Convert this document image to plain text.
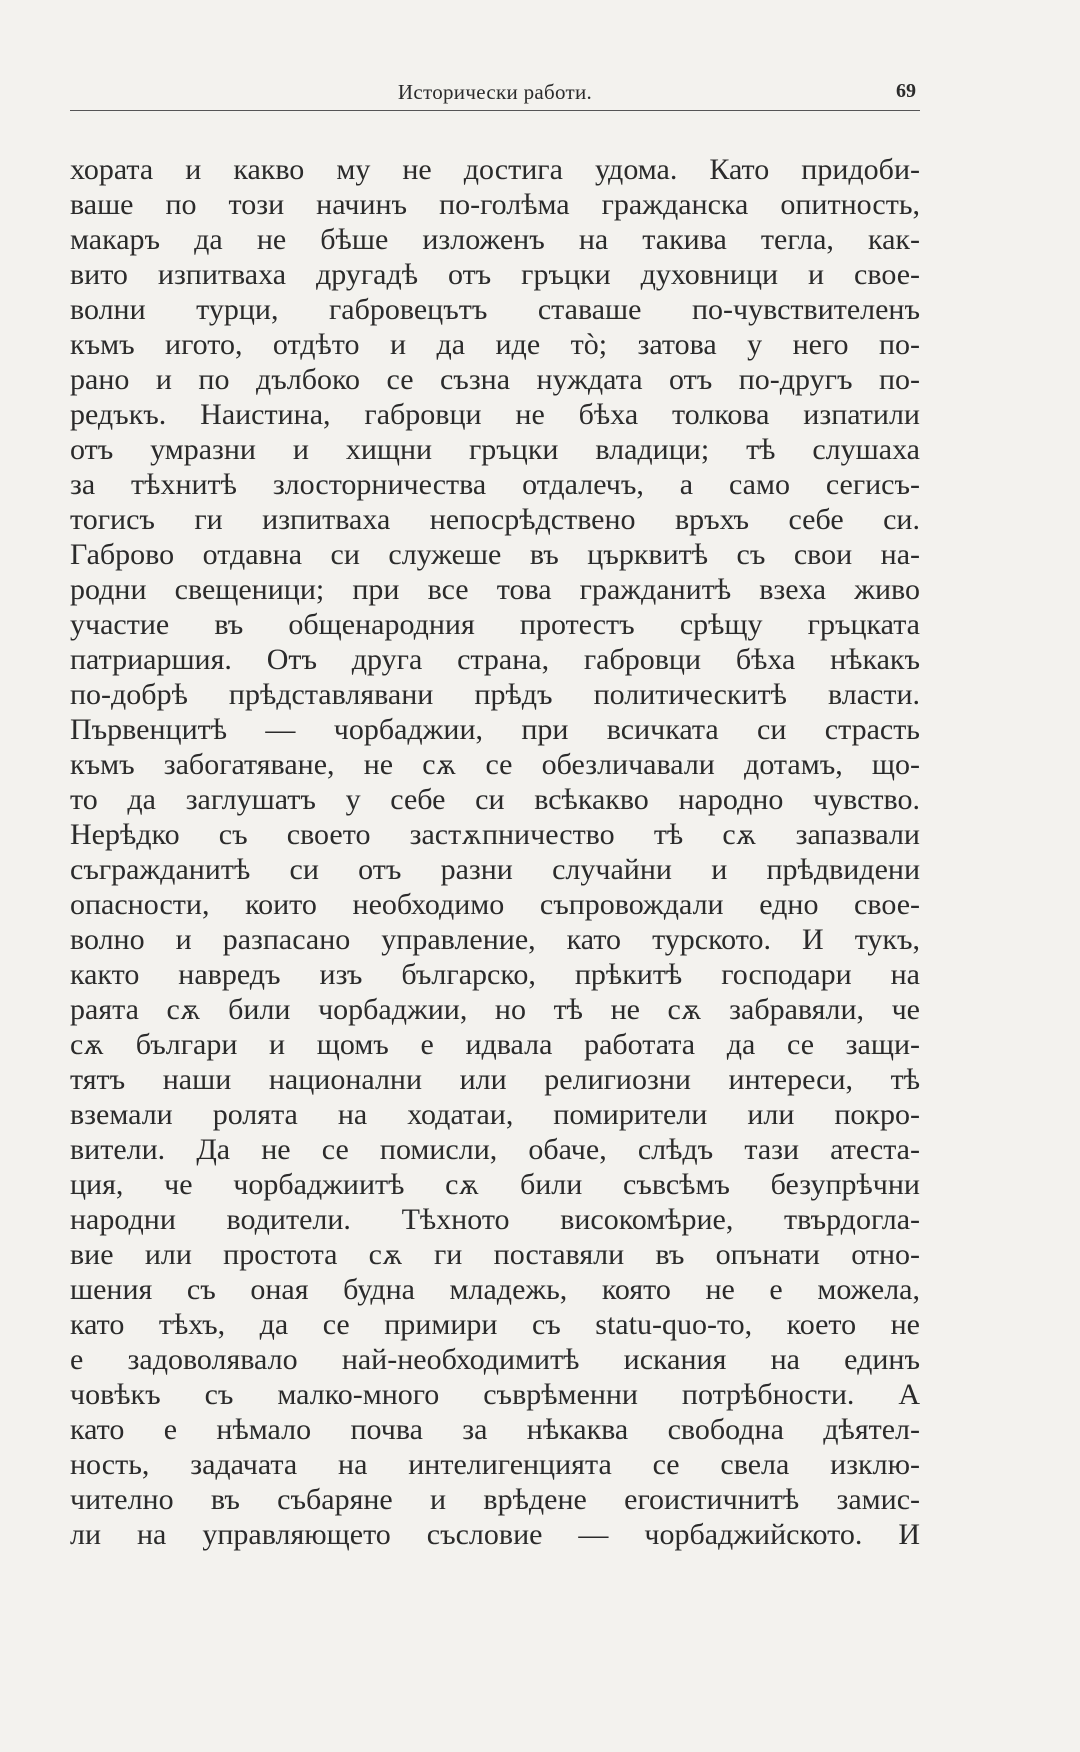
Исторически работи.	69
хората и какво му не достига удома. Като придоби-
ваше по този начинъ по-голѣма гражданска опитность,
макаръ да не бѣше изложенъ на такива тегла, как-
вито изпитваха другадѣ отъ гръцки духовници и свое-
волни турци, габровецътъ ставаше по-чувствителенъ
къмъ игото, отдѣто и да иде тò; затова у него по-
рано и по дълбоко се съзна нуждата отъ по-другъ по-
редъкъ. Наистина, габровци не бѣха толкова изпатили
отъ умразни и хищни гръцки владици; тѣ слушаха
за тѣхнитѣ злосторничества отдалечъ, а само сегисъ-
тогисъ ги изпитваха непосрѣдствено връхъ себе си.
Габрово отдавна си служеше въ църквитѣ съ свои на-
родни свещеници; при все това гражданитѣ взеха живо
участие въ общенародния протестъ срѣщу гръцката
патриаршия. Отъ друга страна, габровци бѣха нѣкакъ
по-добрѣ прѣдставлявани прѣдъ политическитѣ власти.
Първенцитѣ — чорбаджии, при всичката си страсть
къмъ забогатяване, не сѫ се обезличавали дотамъ, що-
то да заглушатъ у себе си всѣкакво народно чувство.
Нерѣдко съ своето застѫпничество тѣ сѫ запазвали
съгражданитѣ си отъ разни случайни и прѣдвидени
опасности, които необходимо съпровождали едно свое-
волно и разпасано управление, като турското. И тукъ,
както навредъ изъ българско, прѣкитѣ господари на
раята сѫ били чорбаджии, но тѣ не сѫ забравяли, че
сѫ българи и щомъ е идвала работата да се защи-
тятъ наши национални или религиозни интереси, тѣ
вземали ролята на ходатаи, помирители или покро-
вители. Да не се помисли, обаче, слѣдъ тази атеста-
ция, че чорбаджиитѣ сѫ били съвсѣмъ безупрѣчни
народни водители. Тѣхното високомѣрие, твърдогла-
вие или простота сѫ ги поставяли въ опънати отно-
шения съ оная будна младежь, която не е можела,
като тѣхъ, да се примири съ statu-quo-то, което не
е задоволявало най-необходимитѣ искания на единъ
човѣкъ съ малко-много съврѣменни потрѣбности. А
като е нѣмало почва за нѣкаква свободна дѣятел-
ность, задачата на интелигенцията се свела изклю-
чително въ събаряне и врѣдене егоистичнитѣ замис-
ли на управляющето съсловие — чорбаджийското. И
